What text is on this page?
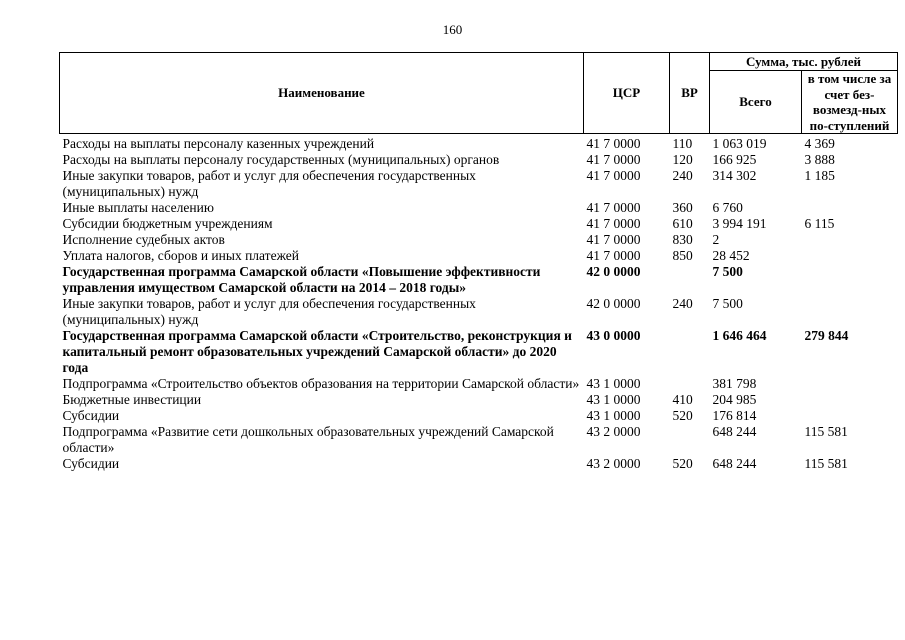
160
Наименование	ЦСР	ВР	Сумма, тыс. рублей	
			Всего	в том числе за счет без-возмезд-ных по-ступлений
Расходы на выплаты персоналу казенных учреждений	41 7 0000	110	1 063 019	4 369
Расходы на выплаты персоналу государственных (муниципальных) органов	41 7 0000	120	166 925	3 888
Иные закупки товаров, работ и услуг для обеспечения государственных (муниципальных) нужд	41 7 0000	240	314 302	1 185
Иные выплаты населению	41 7 0000	360	6 760	
Субсидии бюджетным учреждениям	41 7 0000	610	3 994 191	6 115
Исполнение судебных актов	41 7 0000	830	2	
Уплата налогов, сборов и иных платежей	41 7 0000	850	28 452	
Государственная программа Самарской области «Повышение эффективности управления имуществом Самарской области на 2014 – 2018 годы»	42 0 0000		7 500	
Иные закупки товаров, работ и услуг для обеспечения государственных (муниципальных) нужд	42 0 0000	240	7 500	
Государственная программа Самарской области «Строительство, реконструкция и капитальный ремонт образовательных учреждений Самарской области» до 2020 года	43 0 0000		1 646 464	279 844
Подпрограмма «Строительство объектов образования на территории Самарской области»	43 1 0000		381 798	
Бюджетные инвестиции	43 1 0000	410	204 985	
Субсидии	43 1 0000	520	176 814	
Подпрограмма «Развитие сети дошкольных образовательных учреждений Самарской области»	43 2 0000		648 244	115 581
Субсидии	43 2 0000	520	648 244	115 581
